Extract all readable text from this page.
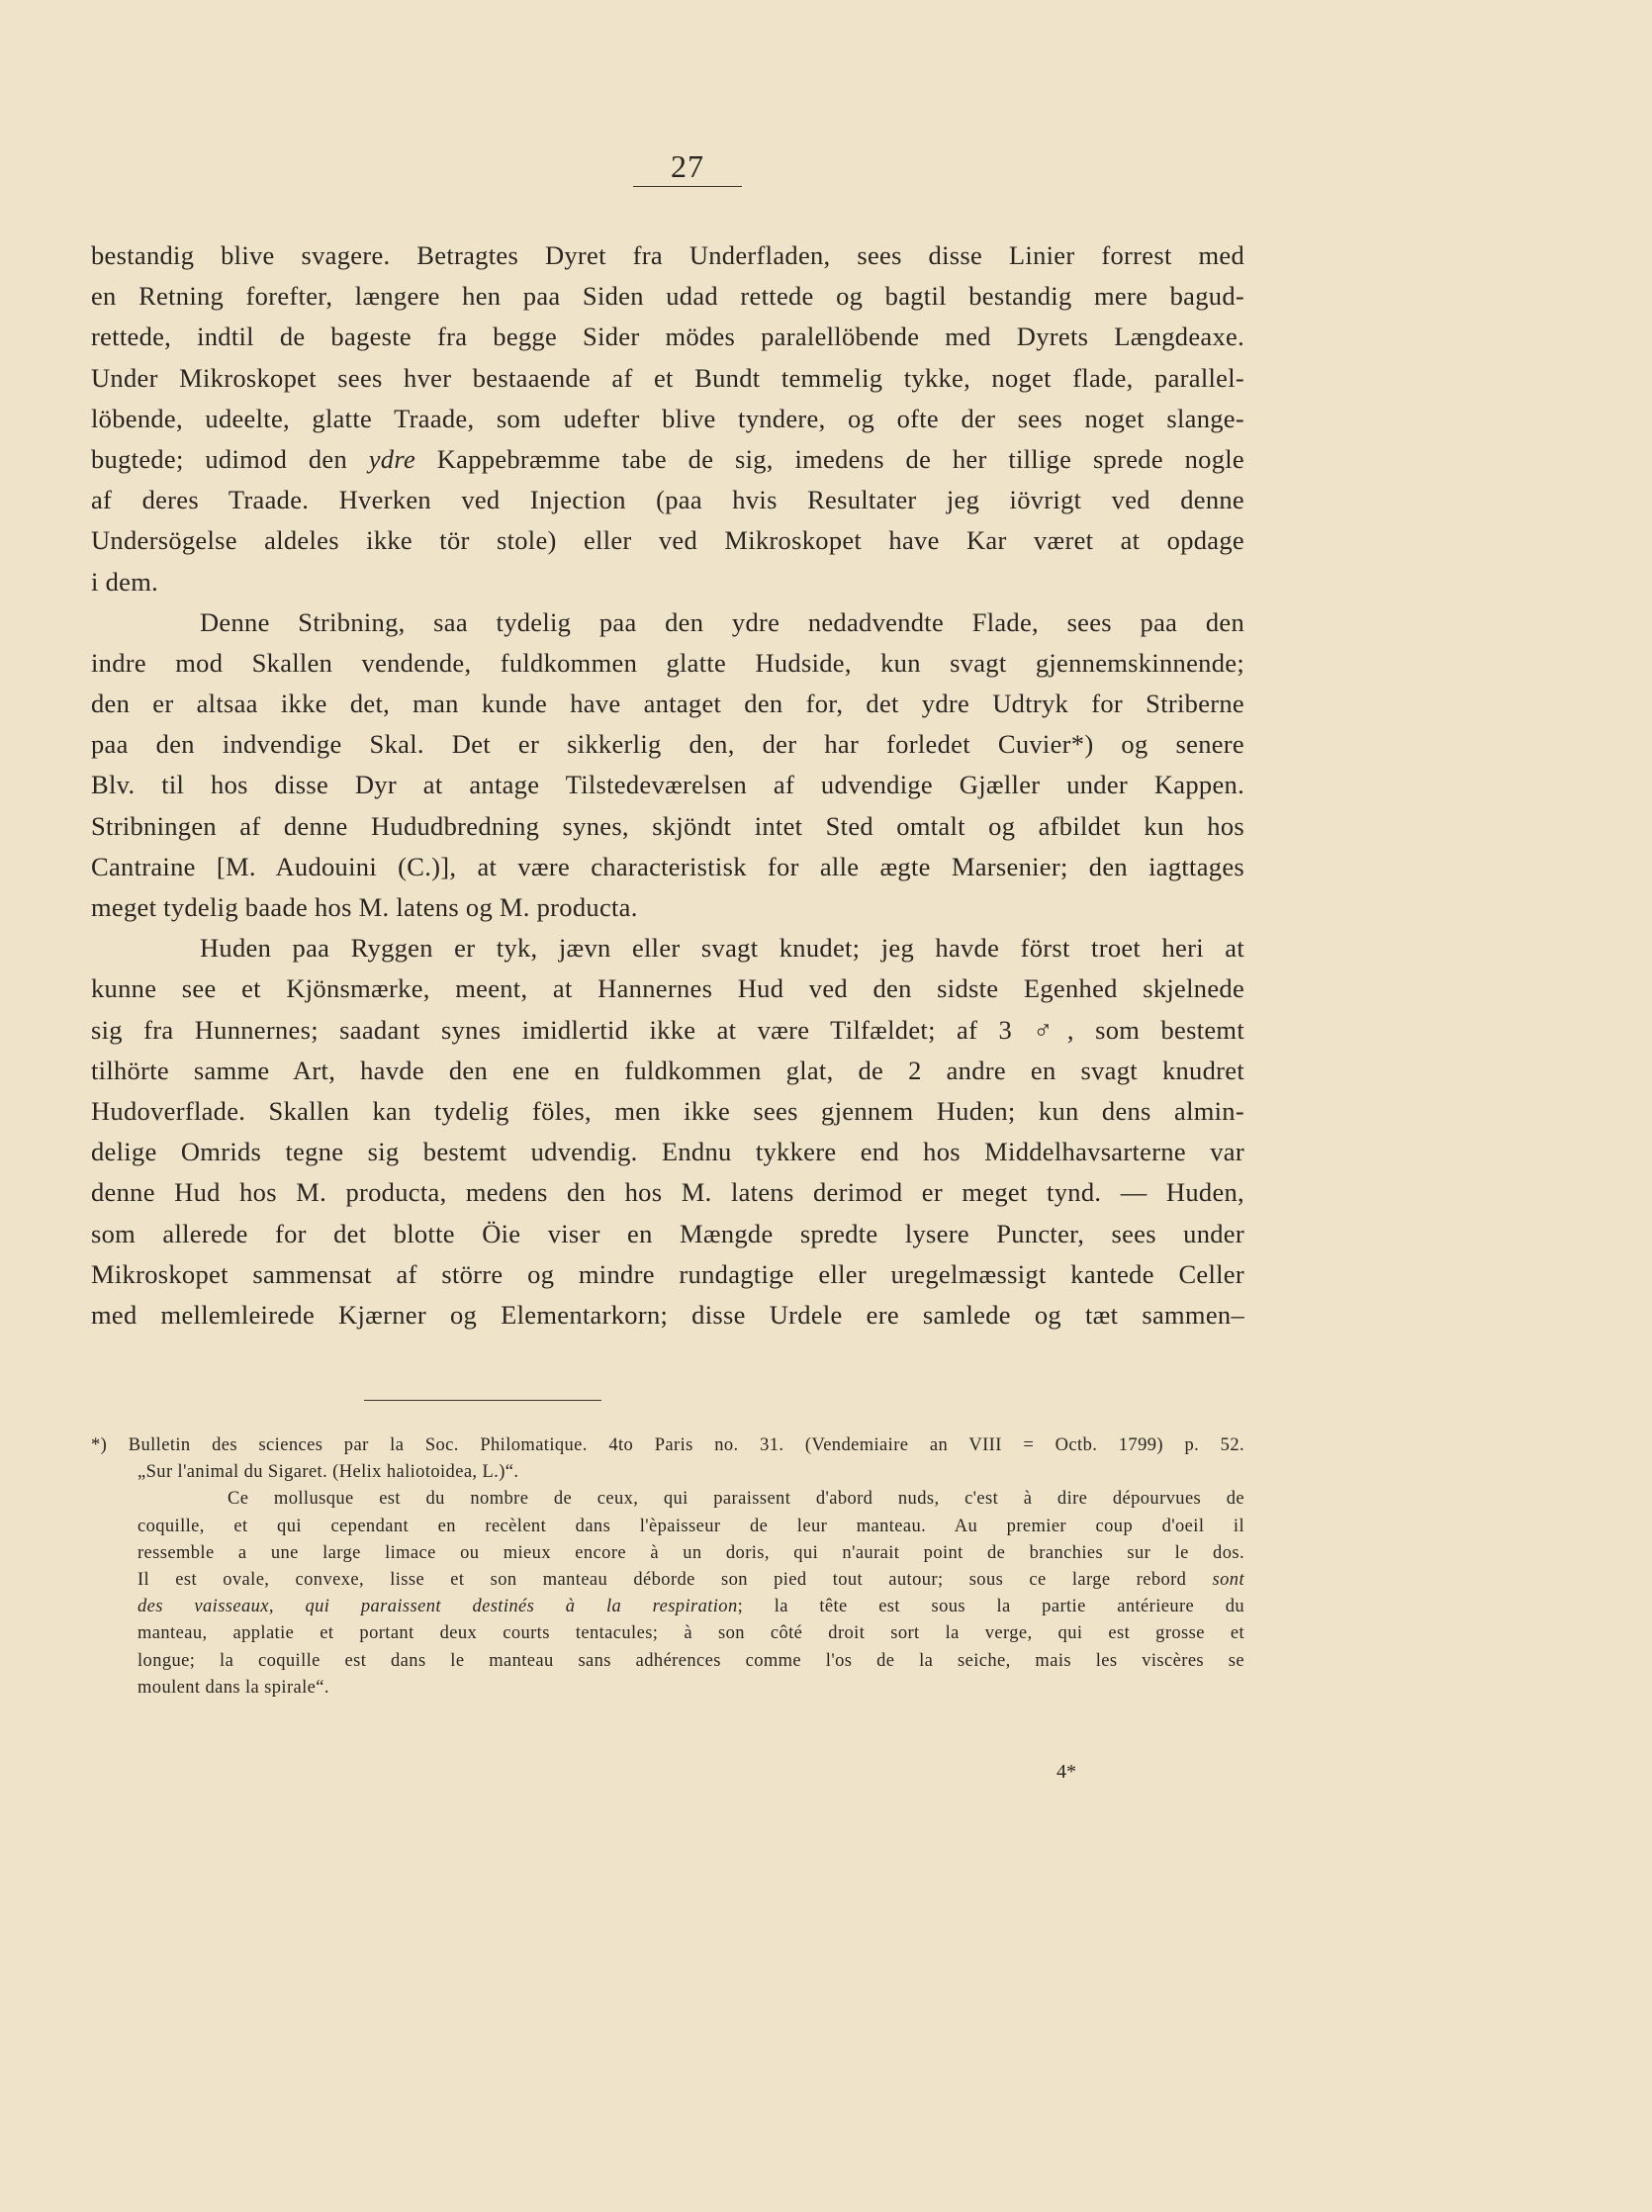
27
bestandig blive svagere. Betragtes Dyret fra Underfladen, sees disse Linier forrest med
en Retning forefter, længere hen paa Siden udad rettede og bagtil bestandig mere bagud-
rettede, indtil de bageste fra begge Sider mödes paralellöbende med Dyrets Længdeaxe.
Under Mikroskopet sees hver bestaaende af et Bundt temmelig tykke, noget flade, parallel-
löbende, udeelte, glatte Traade, som udefter blive tyndere, og ofte der sees noget slange-
bugtede; udimod den ydre Kappebræmme tabe de sig, imedens de her tillige sprede nogle
af deres Traade. Hverken ved Injection (paa hvis Resultater jeg iövrigt ved denne
Undersögelse aldeles ikke tör stole) eller ved Mikroskopet have Kar været at opdage
i dem.
Denne Stribning, saa tydelig paa den ydre nedadvendte Flade, sees paa den
indre mod Skallen vendende, fuldkommen glatte Hudside, kun svagt gjennemskinnende;
den er altsaa ikke det, man kunde have antaget den for, det ydre Udtryk for Striberne
paa den indvendige Skal. Det er sikkerlig den, der har forledet Cuvier*) og senere
Blv. til hos disse Dyr at antage Tilstedeværelsen af udvendige Gjæller under Kappen.
Stribningen af denne Hududbredning synes, skjöndt intet Sted omtalt og afbildet kun hos
Cantraine [M. Audouini (C.)], at være characteristisk for alle ægte Marsenier; den iagttages
meget tydelig baade hos M. latens og M. producta.
Huden paa Ryggen er tyk, jævn eller svagt knudet; jeg havde först troet heri at
kunne see et Kjönsmærke, meent, at Hannernes Hud ved den sidste Egenhed skjelnede
sig fra Hunnernes; saadant synes imidlertid ikke at være Tilfældet; af 3 ♂, som bestemt
tilhörte samme Art, havde den ene en fuldkommen glat, de 2 andre en svagt knudret
Hudoverflade. Skallen kan tydelig föles, men ikke sees gjennem Huden; kun dens almin-
delige Omrids tegne sig bestemt udvendig. Endnu tykkere end hos Middelhavsarterne var
denne Hud hos M. producta, medens den hos M. latens derimod er meget tynd. — Huden,
som allerede for det blotte Öie viser en Mængde spredte lysere Puncter, sees under
Mikroskopet sammensat af större og mindre rundagtige eller uregelmæssigt kantede Celler
med mellemleirede Kjærner og Elementarkorn; disse Urdele ere samlede og tæt sammen–
*) Bulletin des sciences par la Soc. Philomatique. 4to Paris no. 31. (Vendemiaire an VIII = Octb. 1799) p. 52.
„Sur l'animal du Sigaret. (Helix haliotoidea, L.)“.
Ce mollusque est du nombre de ceux, qui paraissent d'abord nuds, c'est à dire dépourvues de
coquille, et qui cependant en recèlent dans l'èpaisseur de leur manteau. Au premier coup d'oeil il
ressemble a une large limace ou mieux encore à un doris, qui n'aurait point de branchies sur le dos.
Il est ovale, convexe, lisse et son manteau déborde son pied tout autour; sous ce large rebord sont
des vaisseaux, qui paraissent destinés à la respiration; la tête est sous la partie antérieure du
manteau, applatie et portant deux courts tentacules; à son côté droit sort la verge, qui est grosse et
longue; la coquille est dans le manteau sans adhérences comme l'os de la seiche, mais les viscères se
moulent dans la spirale“.
4*
